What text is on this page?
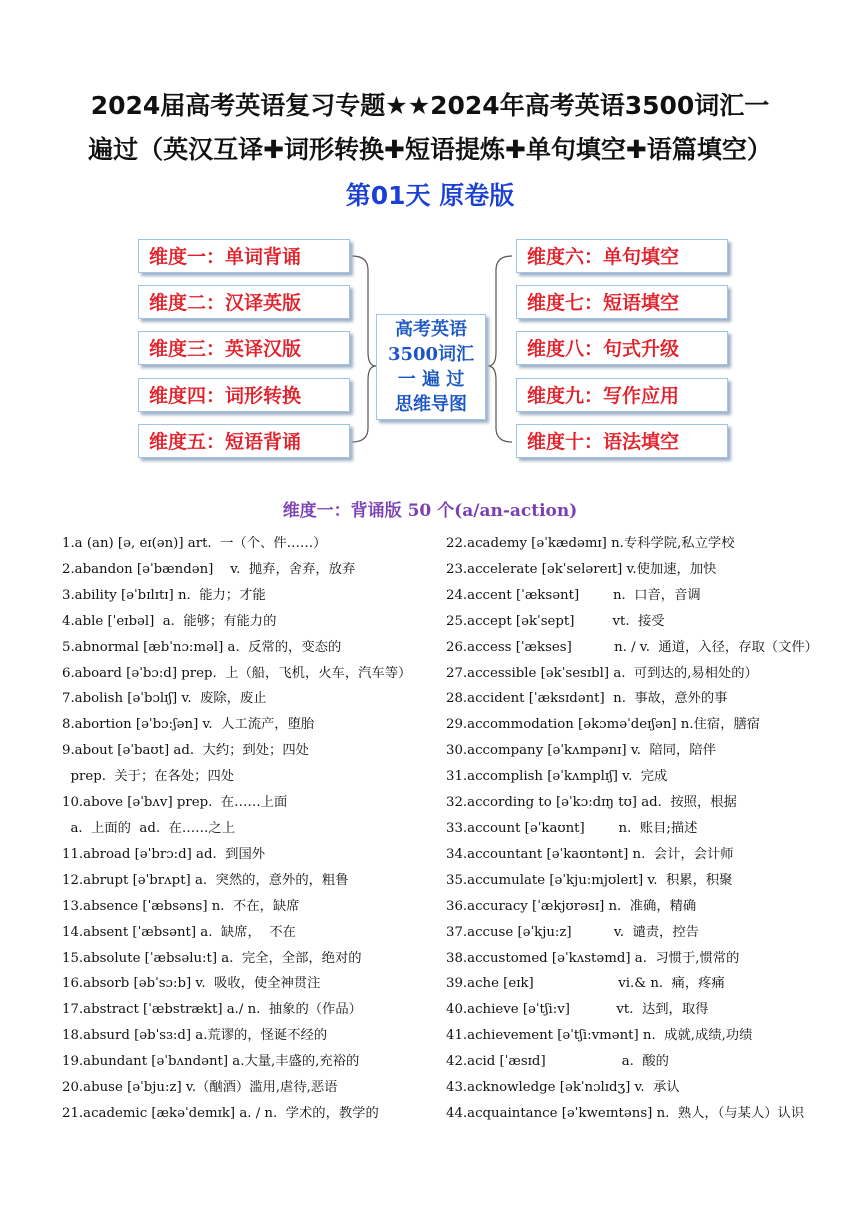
2024届高考英语复习专题★★2024年高考英语3500词汇一
遍过（英汉互译✚词形转换✚短语提炼✚单句填空✚语篇填空）
第01天 原卷版
维度一：单词背诵
维度二：汉译英版
维度三：英译汉版
维度四：词形转换
维度五：短语背诵
高考英语
3500词汇
一 遍 过
思维导图
维度六：单句填空
维度七：短语填空
维度八：句式升级
维度九：写作应用
维度十：语法填空
维度一：背诵版 50 个(a/an-action)
1.a (an) [ə, eɪ(ən)] art.  一（个、件……）
2.abandon [əˈbændən]    v.  抛弃，舍弃，放弃
3.ability [əˈbɪlɪtɪ] n.  能力；才能
4.able [ˈeɪbəl]  a.  能够；有能力的
5.abnormal [æbˈnɔ:məl] a.  反常的，变态的
6.aboard [əˈbɔ:d] prep.  上（船，飞机，火车，汽车等）
7.abolish [əˈbɔlɪʃ] v.  废除，废止
8.abortion [əˈbɔ:ʃən] v.  人工流产，堕胎
9.about [əˈbaʊt] ad.  大约；到处；四处
prep.  关于；在各处；四处
10.above [əˈbʌv] prep.  在……上面
a.  上面的  ad.  在……之上
11.abroad [əˈbrɔ:d] ad.  到国外
12.abrupt [əˈbrʌpt] a.  突然的，意外的，粗鲁
13.absence [ˈæbsəns] n.  不在，缺席
14.absent [ˈæbsənt] a.  缺席，  不在
15.absolute [ˈæbsəlu:t] a.  完全，全部，绝对的
16.absorb [əbˈsɔ:b] v.  吸收，使全神贯注
17.abstract [ˈæbstrækt] a./ n.  抽象的（作品）
18.absurd [əbˈsɜ:d] a.荒谬的，怪诞不经的
19.abundant [əˈbʌndənt] a.大量,丰盛的,充裕的
20.abuse [əˈbju:z] v.（酗酒）滥用,虐待,恶语
21.academic [ækəˈdemɪk] a. / n.  学术的，教学的
22.academy [əˈkædəmɪ] n.专科学院,私立学校
23.accelerate [əkˈseləreɪt] v.使加速，加快
24.accent [ˈæksənt]        n.  口音，音调
25.accept [əkˈsept]         vt.  接受
26.access [ˈækses]          n. / v.  通道，入径，存取（文件）
27.accessible [əkˈsesɪbl] a.  可到达的,易相处的）
28.accident [ˈæksɪdənt]  n.  事故，意外的事
29.accommodation [əkɔməˈdeɪʃən] n.住宿，膳宿
30.accompany [əˈkʌmpənɪ] v.  陪同，陪伴
31.accomplish [əˈkʌmplɪʃ] v.  完成
32.according to [əˈkɔ:dɪŋ tʊ] ad.  按照，根据
33.account [əˈkaʊnt]        n.  账目;描述
34.accountant [əˈkaʊntənt] n.  会计，会计师
35.accumulate [əˈkju:mjʊleɪt] v.  积累，积聚
36.accuracy [ˈækjʊrəsɪ] n.  准确，精确
37.accuse [əˈkju:z]          v.  谴责，控告
38.accustomed [əˈkʌstəmd] a.  习惯于,惯常的
39.ache [eɪk]                    vi.& n.  痛，疼痛
40.achieve [əˈtʃi:v]           vt.  达到，取得
41.achievement [əˈtʃi:vmənt] n.  成就,成绩,功绩
42.acid [ˈæsɪd]                  a.  酸的
43.acknowledge [əkˈnɔlɪdʒ] v.  承认
44.acquaintance [əˈkweɪntəns] n.  熟人，（与某人）认识
